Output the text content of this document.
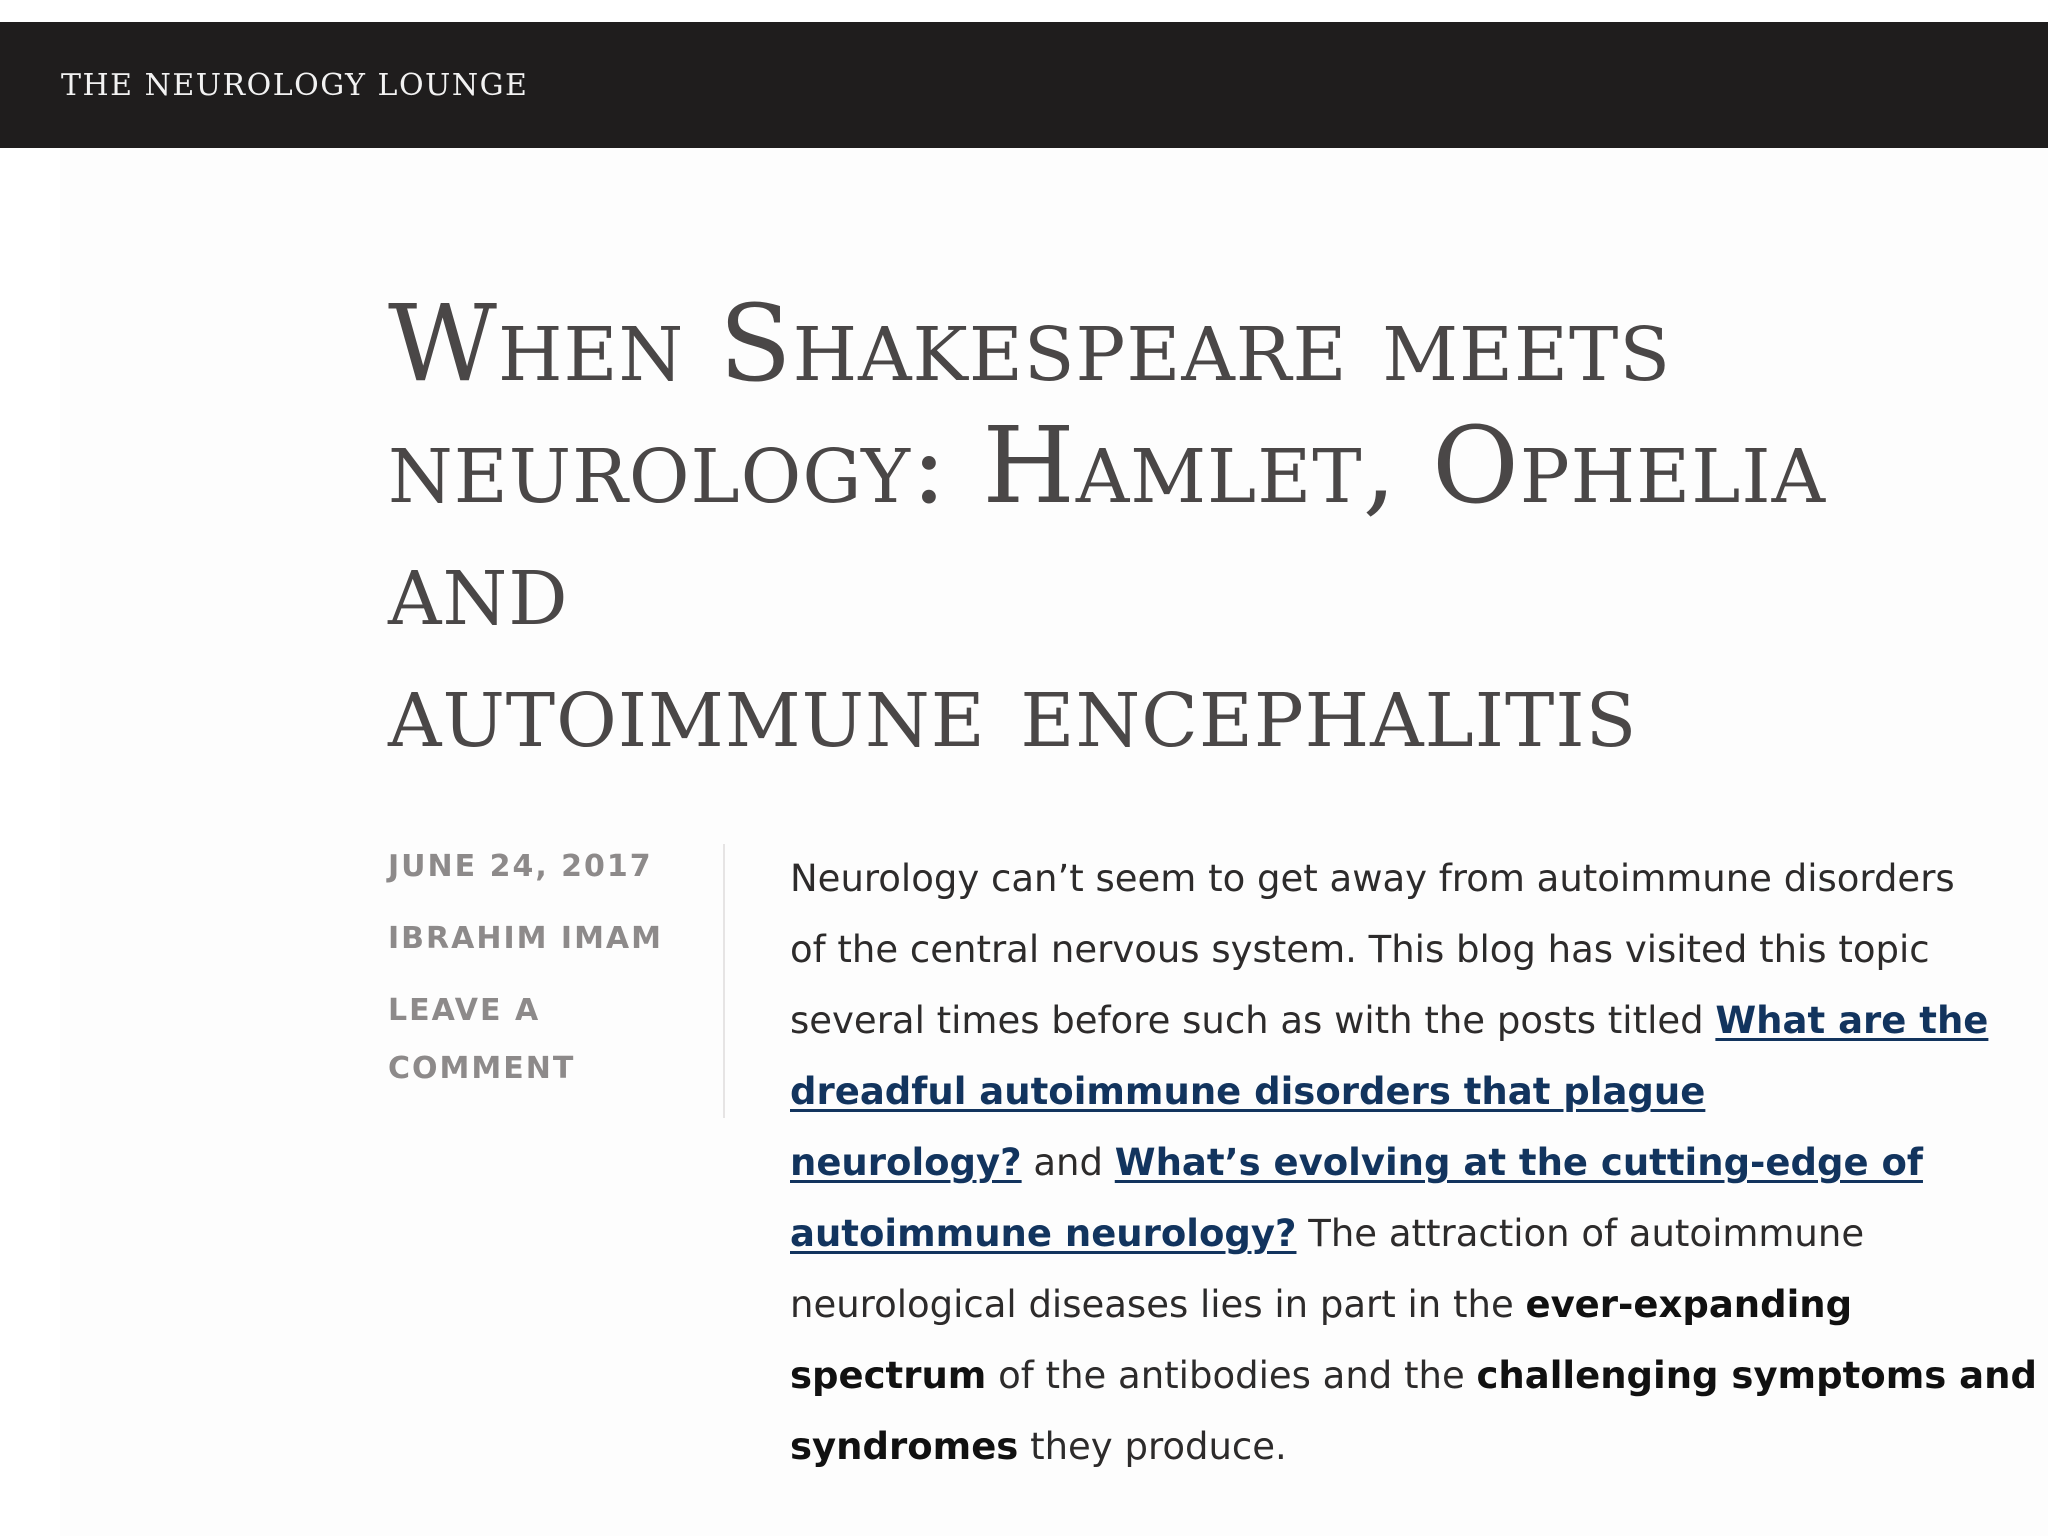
THE NEUROLOGY LOUNGE
When Shakespeare meets
neurology: Hamlet, Ophelia
and
autoimmune encephalitis
JUNE 24, 2017
IBRAHIM IMAM
LEAVE A COMMENT
Neurology can’t seem to get away from autoimmune disorders
of the central nervous system. This blog has visited this topic
several times before such as with the posts titled What are the
dreadful autoimmune disorders that plague
neurology? and What’s evolving at the cutting-edge of
autoimmune neurology? The attraction of autoimmune
neurological diseases lies in part in the ever-expanding
spectrum of the antibodies and the challenging symptoms and
syndromes they produce.
